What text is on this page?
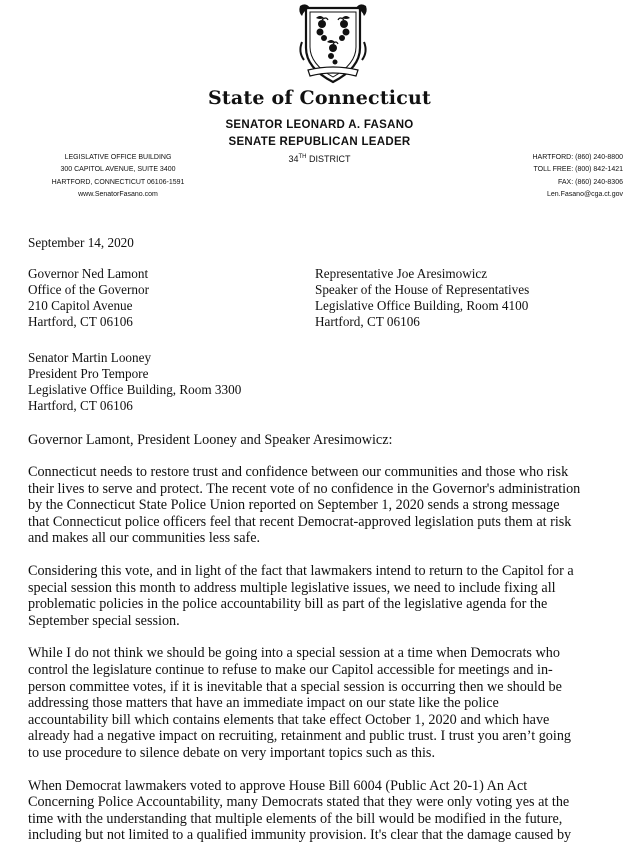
State of Connecticut
SENATOR LEONARD A. FASANO
SENATE REPUBLICAN LEADER
34TH DISTRICT
LEGISLATIVE OFFICE BUILDING
300 CAPITOL AVENUE, SUITE 3400
HARTFORD, CONNECTICUT 06106-1591
www.SenatorFasano.com
HARTFORD: (860) 240-8800
TOLL FREE: (800) 842-1421
FAX: (860) 240-8306
Len.Fasano@cga.ct.gov

September 14, 2020

Governor Ned Lamont
Office of the Governor
210 Capitol Avenue
Hartford, CT 06106
Representative Joe Aresimowicz
Speaker of the House of Representatives
Legislative Office Building, Room 4100
Hartford, CT 06106
Senator Martin Looney
President Pro Tempore
Legislative Office Building, Room 3300
Hartford, CT 06106

Governor Lamont, President Looney and Speaker Aresimowicz:

Connecticut needs to restore trust and confidence between our communities and those who risk
their lives to serve and protect. The recent vote of no confidence in the Governor's administration
by the Connecticut State Police Union reported on September 1, 2020 sends a strong message
that Connecticut police officers feel that recent Democrat-approved legislation puts them at risk
and makes all our communities less safe.

Considering this vote, and in light of the fact that lawmakers intend to return to the Capitol for a
special session this month to address multiple legislative issues, we need to include fixing all
problematic policies in the police accountability bill as part of the legislative agenda for the
September special session.

While I do not think we should be going into a special session at a time when Democrats who
control the legislature continue to refuse to make our Capitol accessible for meetings and in-
person committee votes, if it is inevitable that a special session is occurring then we should be
addressing those matters that have an immediate impact on our state like the police
accountability bill which contains elements that take effect October 1, 2020 and which have
already had a negative impact on recruiting, retainment and public trust. I trust you aren’t going
to use procedure to silence debate on very important topics such as this.

When Democrat lawmakers voted to approve House Bill 6004 (Public Act 20-1) An Act
Concerning Police Accountability, many Democrats stated that they were only voting yes at the
time with the understanding that multiple elements of the bill would be modified in the future,
including but not limited to a qualified immunity provision. It's clear that the damage caused by
